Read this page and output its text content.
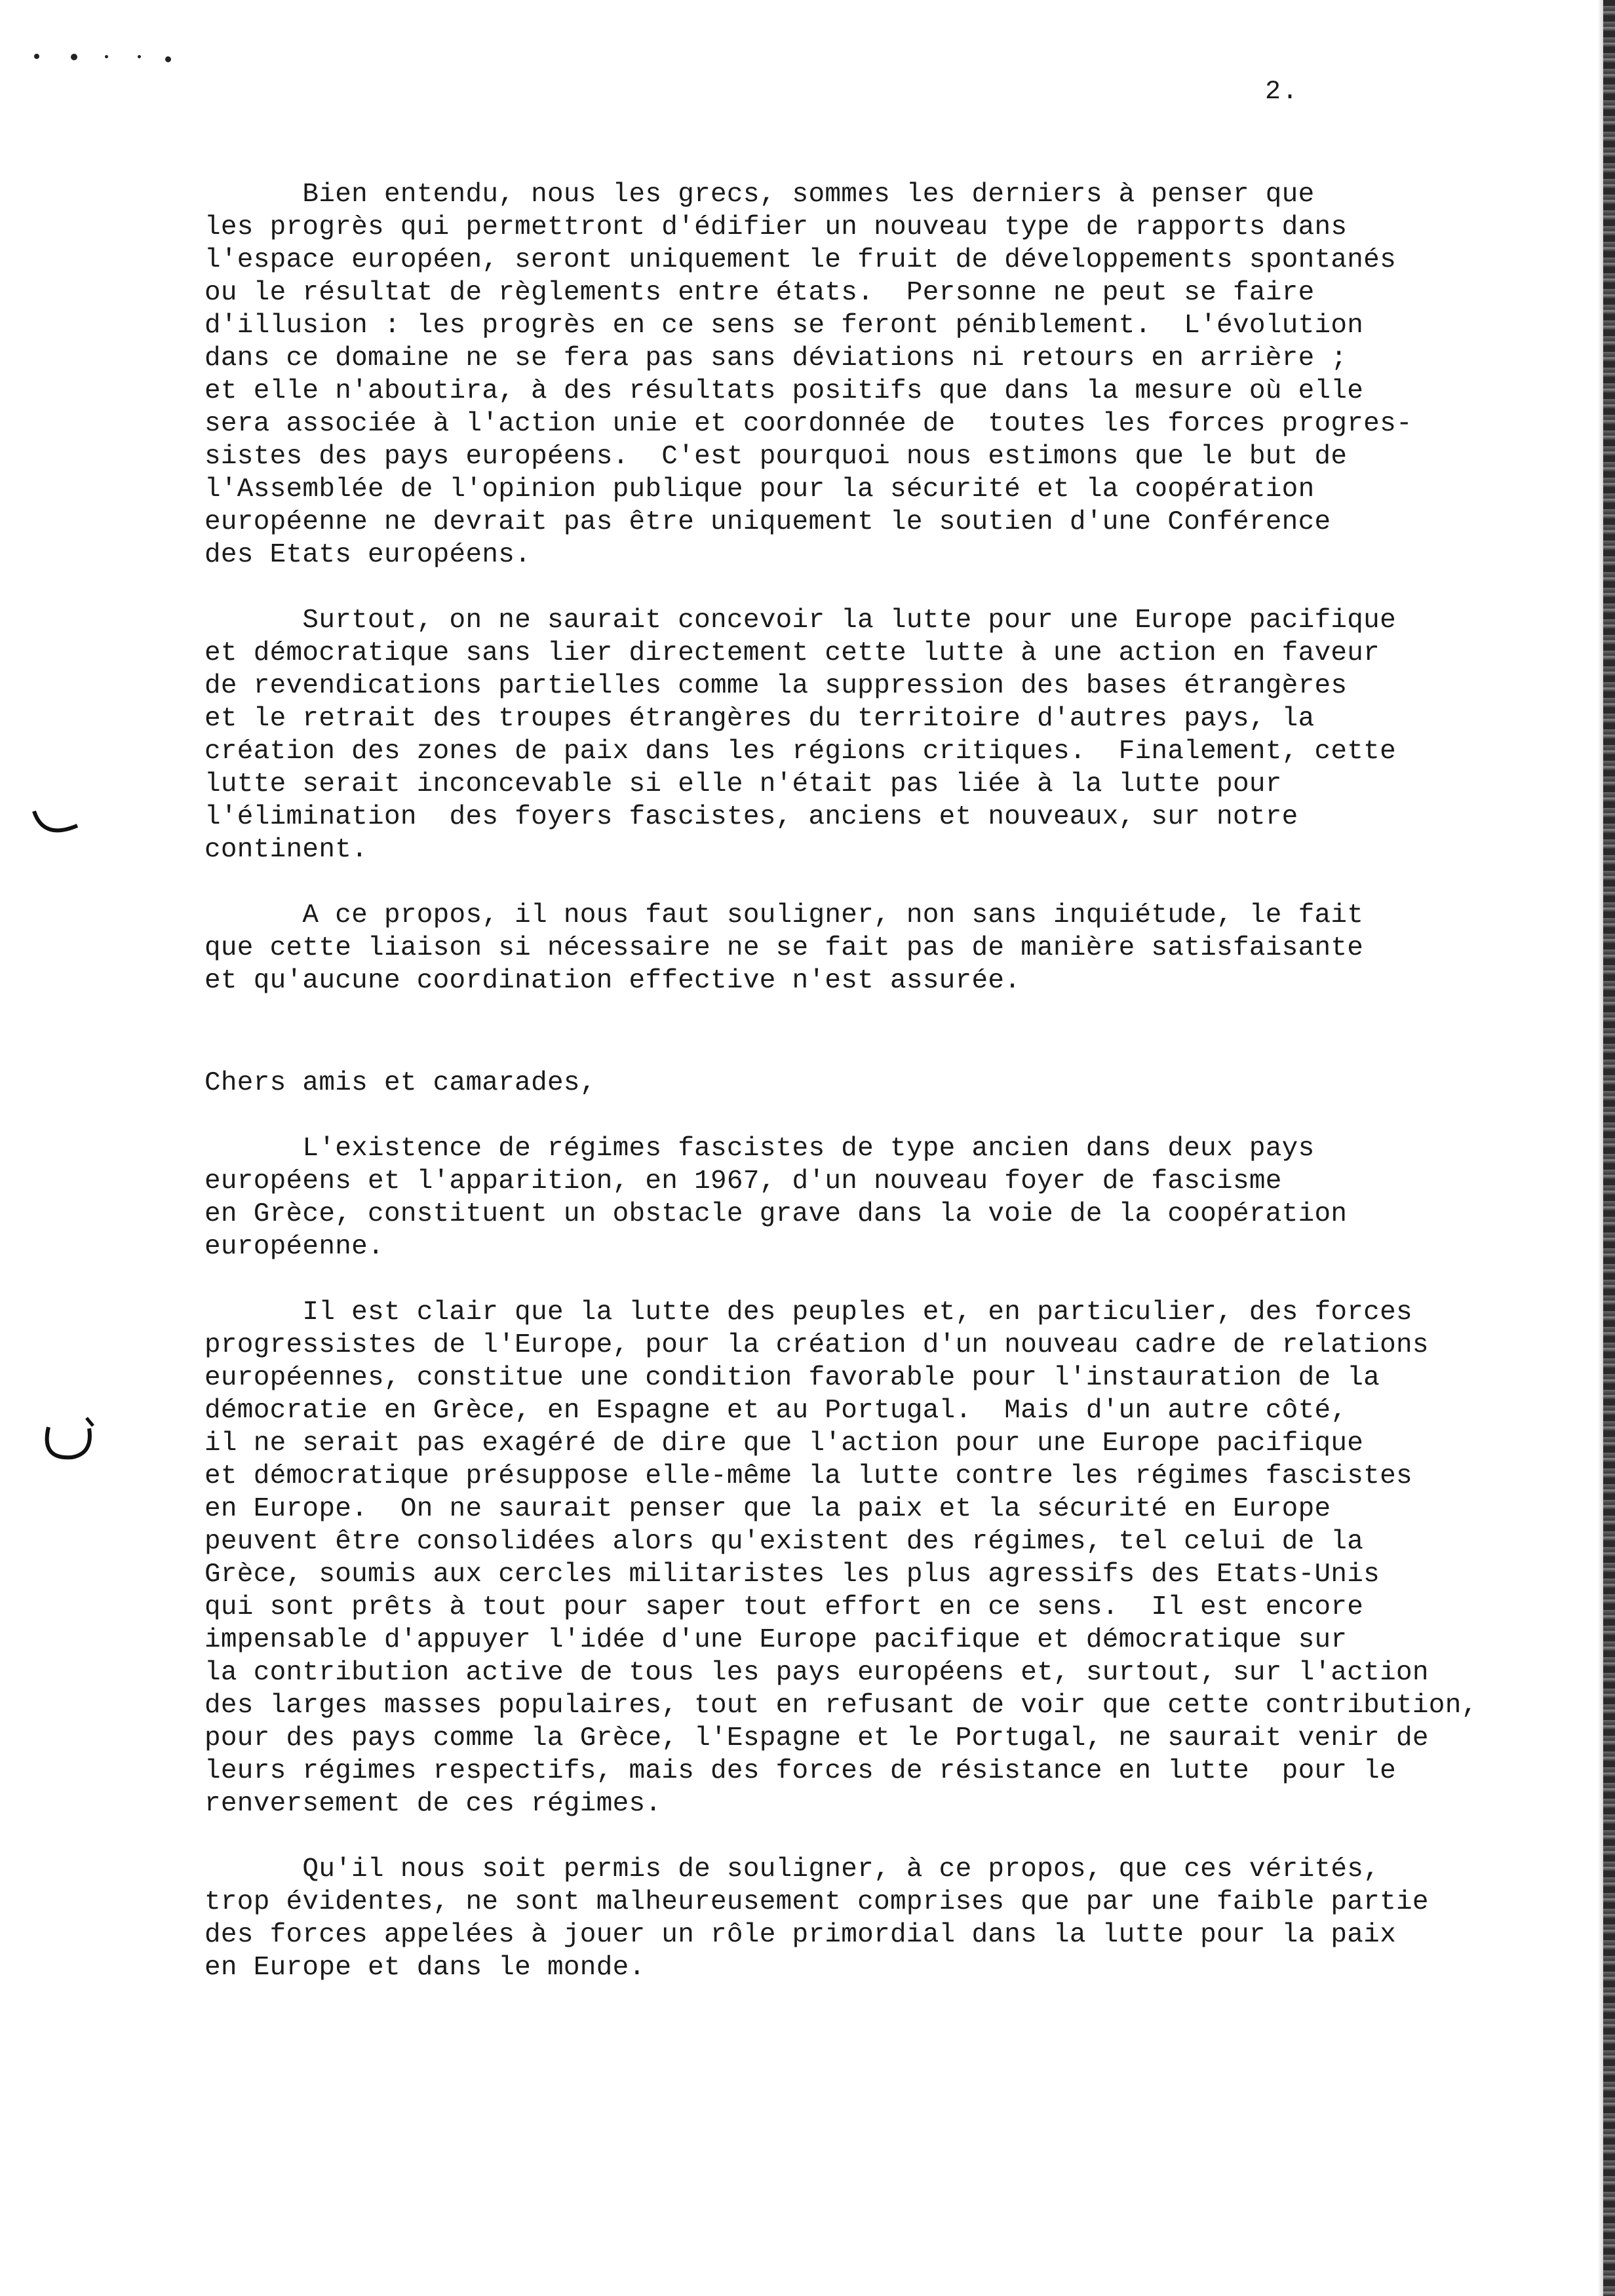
2.
Bien entendu, nous les grecs, sommes les derniers à penser que
les progrès qui permettront d'édifier un nouveau type de rapports dans
l'espace européen, seront uniquement le fruit de développements spontanés
ou le résultat de règlements entre états.  Personne ne peut se faire
d'illusion : les progrès en ce sens se feront péniblement.  L'évolution
dans ce domaine ne se fera pas sans déviations ni retours en arrière ;
et elle n'aboutira, à des résultats positifs que dans la mesure où elle
sera associée à l'action unie et coordonnée de  toutes les forces progres-
sistes des pays européens.  C'est pourquoi nous estimons que le but de
l'Assemblée de l'opinion publique pour la sécurité et la coopération
européenne ne devrait pas être uniquement le soutien d'une Conférence
des Etats européens.
Surtout, on ne saurait concevoir la lutte pour une Europe pacifique
et démocratique sans lier directement cette lutte à une action en faveur
de revendications partielles comme la suppression des bases étrangères
et le retrait des troupes étrangères du territoire d'autres pays, la
création des zones de paix dans les régions critiques.  Finalement, cette
lutte serait inconcevable si elle n'était pas liée à la lutte pour
l'élimination  des foyers fascistes, anciens et nouveaux, sur notre
continent.
A ce propos, il nous faut souligner, non sans inquiétude, le fait
que cette liaison si nécessaire ne se fait pas de manière satisfaisante
et qu'aucune coordination effective n'est assurée.
Chers amis et camarades,
L'existence de régimes fascistes de type ancien dans deux pays
européens et l'apparition, en 1967, d'un nouveau foyer de fascisme
en Grèce, constituent un obstacle grave dans la voie de la coopération
européenne.
Il est clair que la lutte des peuples et, en particulier, des forces
progressistes de l'Europe, pour la création d'un nouveau cadre de relations
européennes, constitue une condition favorable pour l'instauration de la
démocratie en Grèce, en Espagne et au Portugal.  Mais d'un autre côté,
il ne serait pas exagéré de dire que l'action pour une Europe pacifique
et démocratique présuppose elle-même la lutte contre les régimes fascistes
en Europe.  On ne saurait penser que la paix et la sécurité en Europe
peuvent être consolidées alors qu'existent des régimes, tel celui de la
Grèce, soumis aux cercles militaristes les plus agressifs des Etats-Unis
qui sont prêts à tout pour saper tout effort en ce sens.  Il est encore
impensable d'appuyer l'idée d'une Europe pacifique et démocratique sur
la contribution active de tous les pays européens et, surtout, sur l'action
des larges masses populaires, tout en refusant de voir que cette contribution,
pour des pays comme la Grèce, l'Espagne et le Portugal, ne saurait venir de
leurs régimes respectifs, mais des forces de résistance en lutte  pour le
renversement de ces régimes.
Qu'il nous soit permis de souligner, à ce propos, que ces vérités,
trop évidentes, ne sont malheureusement comprises que par une faible partie
des forces appelées à jouer un rôle primordial dans la lutte pour la paix
en Europe et dans le monde.
